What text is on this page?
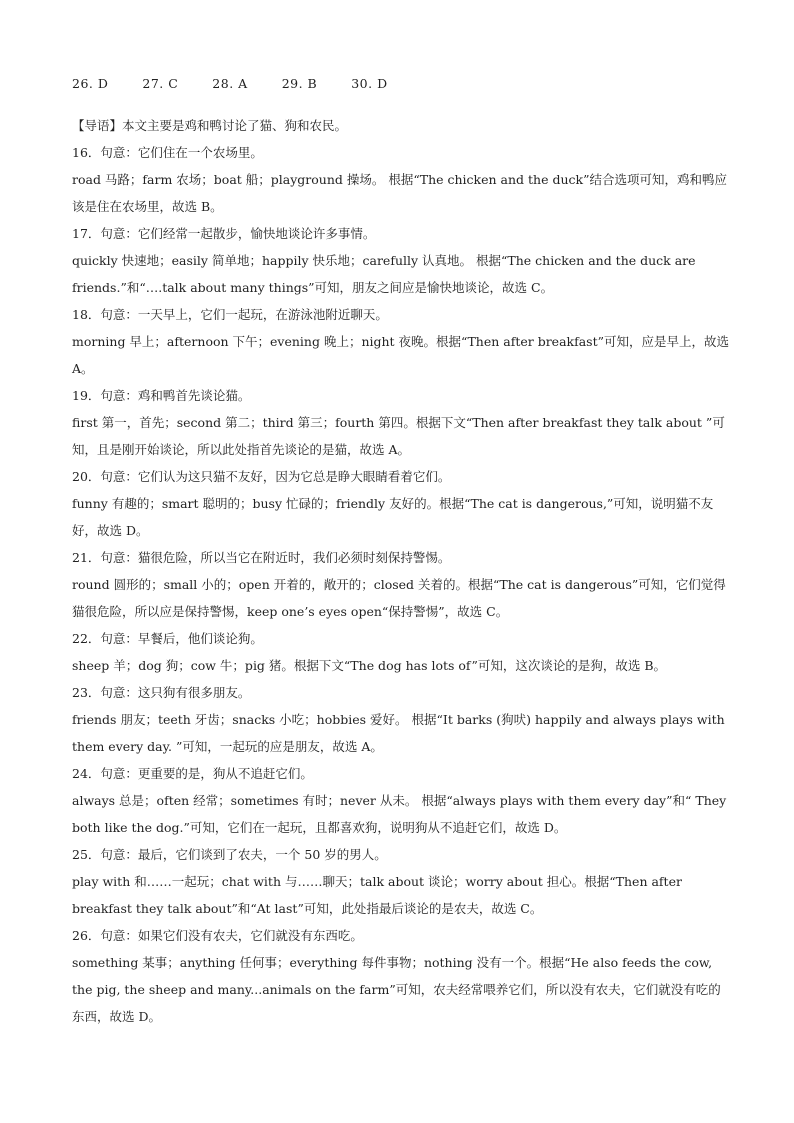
26. D	27. C	28. A	29. B	30. D

【导语】本文主要是鸡和鸭讨论了猫、狗和农民。

16．句意：它们住在一个农场里。

road 马路；farm 农场；boat 船；playground 操场。 根据“The chicken and the duck”结合选项可知，鸡和鸭应该是住在农场里，故选 B。

17．句意：它们经常一起散步，愉快地谈论许多事情。

quickly 快速地；easily 简单地；happily 快乐地；carefully 认真地。 根据“The chicken and the duck are friends.”和“….talk about many things”可知，朋友之间应是愉快地谈论，故选 C。

18．句意：一天早上，它们一起玩，在游泳池附近聊天。

morning 早上；afternoon 下午；evening 晚上；night 夜晚。根据“Then after breakfast”可知，应是早上，故选 A。

19．句意：鸡和鸭首先谈论猫。

first 第一，首先；second 第二；third 第三；fourth 第四。根据下文“Then after breakfast they talk about ”可知，且是刚开始谈论，所以此处指首先谈论的是猫，故选 A。

20．句意：它们认为这只猫不友好，因为它总是睁大眼睛看着它们。

funny 有趣的；smart 聪明的；busy 忙碌的；friendly 友好的。根据“The cat is dangerous,”可知，说明猫不友好，故选 D。

21．句意：猫很危险，所以当它在附近时，我们必须时刻保持警惕。

round 圆形的；small 小的；open 开着的，敞开的；closed 关着的。根据“The cat is dangerous”可知，它们觉得猫很危险，所以应是保持警惕，keep one’s eyes open“保持警惕”，故选 C。

22．句意：早餐后，他们谈论狗。

sheep 羊；dog 狗；cow 牛；pig 猪。根据下文“The dog has lots of”可知，这次谈论的是狗，故选 B。

23．句意：这只狗有很多朋友。

friends 朋友；teeth 牙齿；snacks 小吃；hobbies 爱好。 根据“It barks (狗吠) happily and always plays with them every day. ”可知，一起玩的应是朋友，故选 A。

24．句意：更重要的是，狗从不追赶它们。

always 总是；often 经常；sometimes 有时；never 从未。 根据“always plays with them every day”和“ They both like the dog.”可知，它们在一起玩，且都喜欢狗，说明狗从不追赶它们，故选 D。

25．句意：最后，它们谈到了农夫，一个 50 岁的男人。

play with 和……一起玩；chat with 与……聊天；talk about 谈论；worry about 担心。根据“Then after breakfast they talk about”和“At last”可知，此处指最后谈论的是农夫，故选 C。

26．句意：如果它们没有农夫，它们就没有东西吃。

something 某事；anything 任何事；everything 每件事物；nothing 没有一个。根据“He also feeds the cow, the pig, the sheep and many...animals on the farm”可知，农夫经常喂养它们，所以没有农夫，它们就没有吃的东西，故选 D。
